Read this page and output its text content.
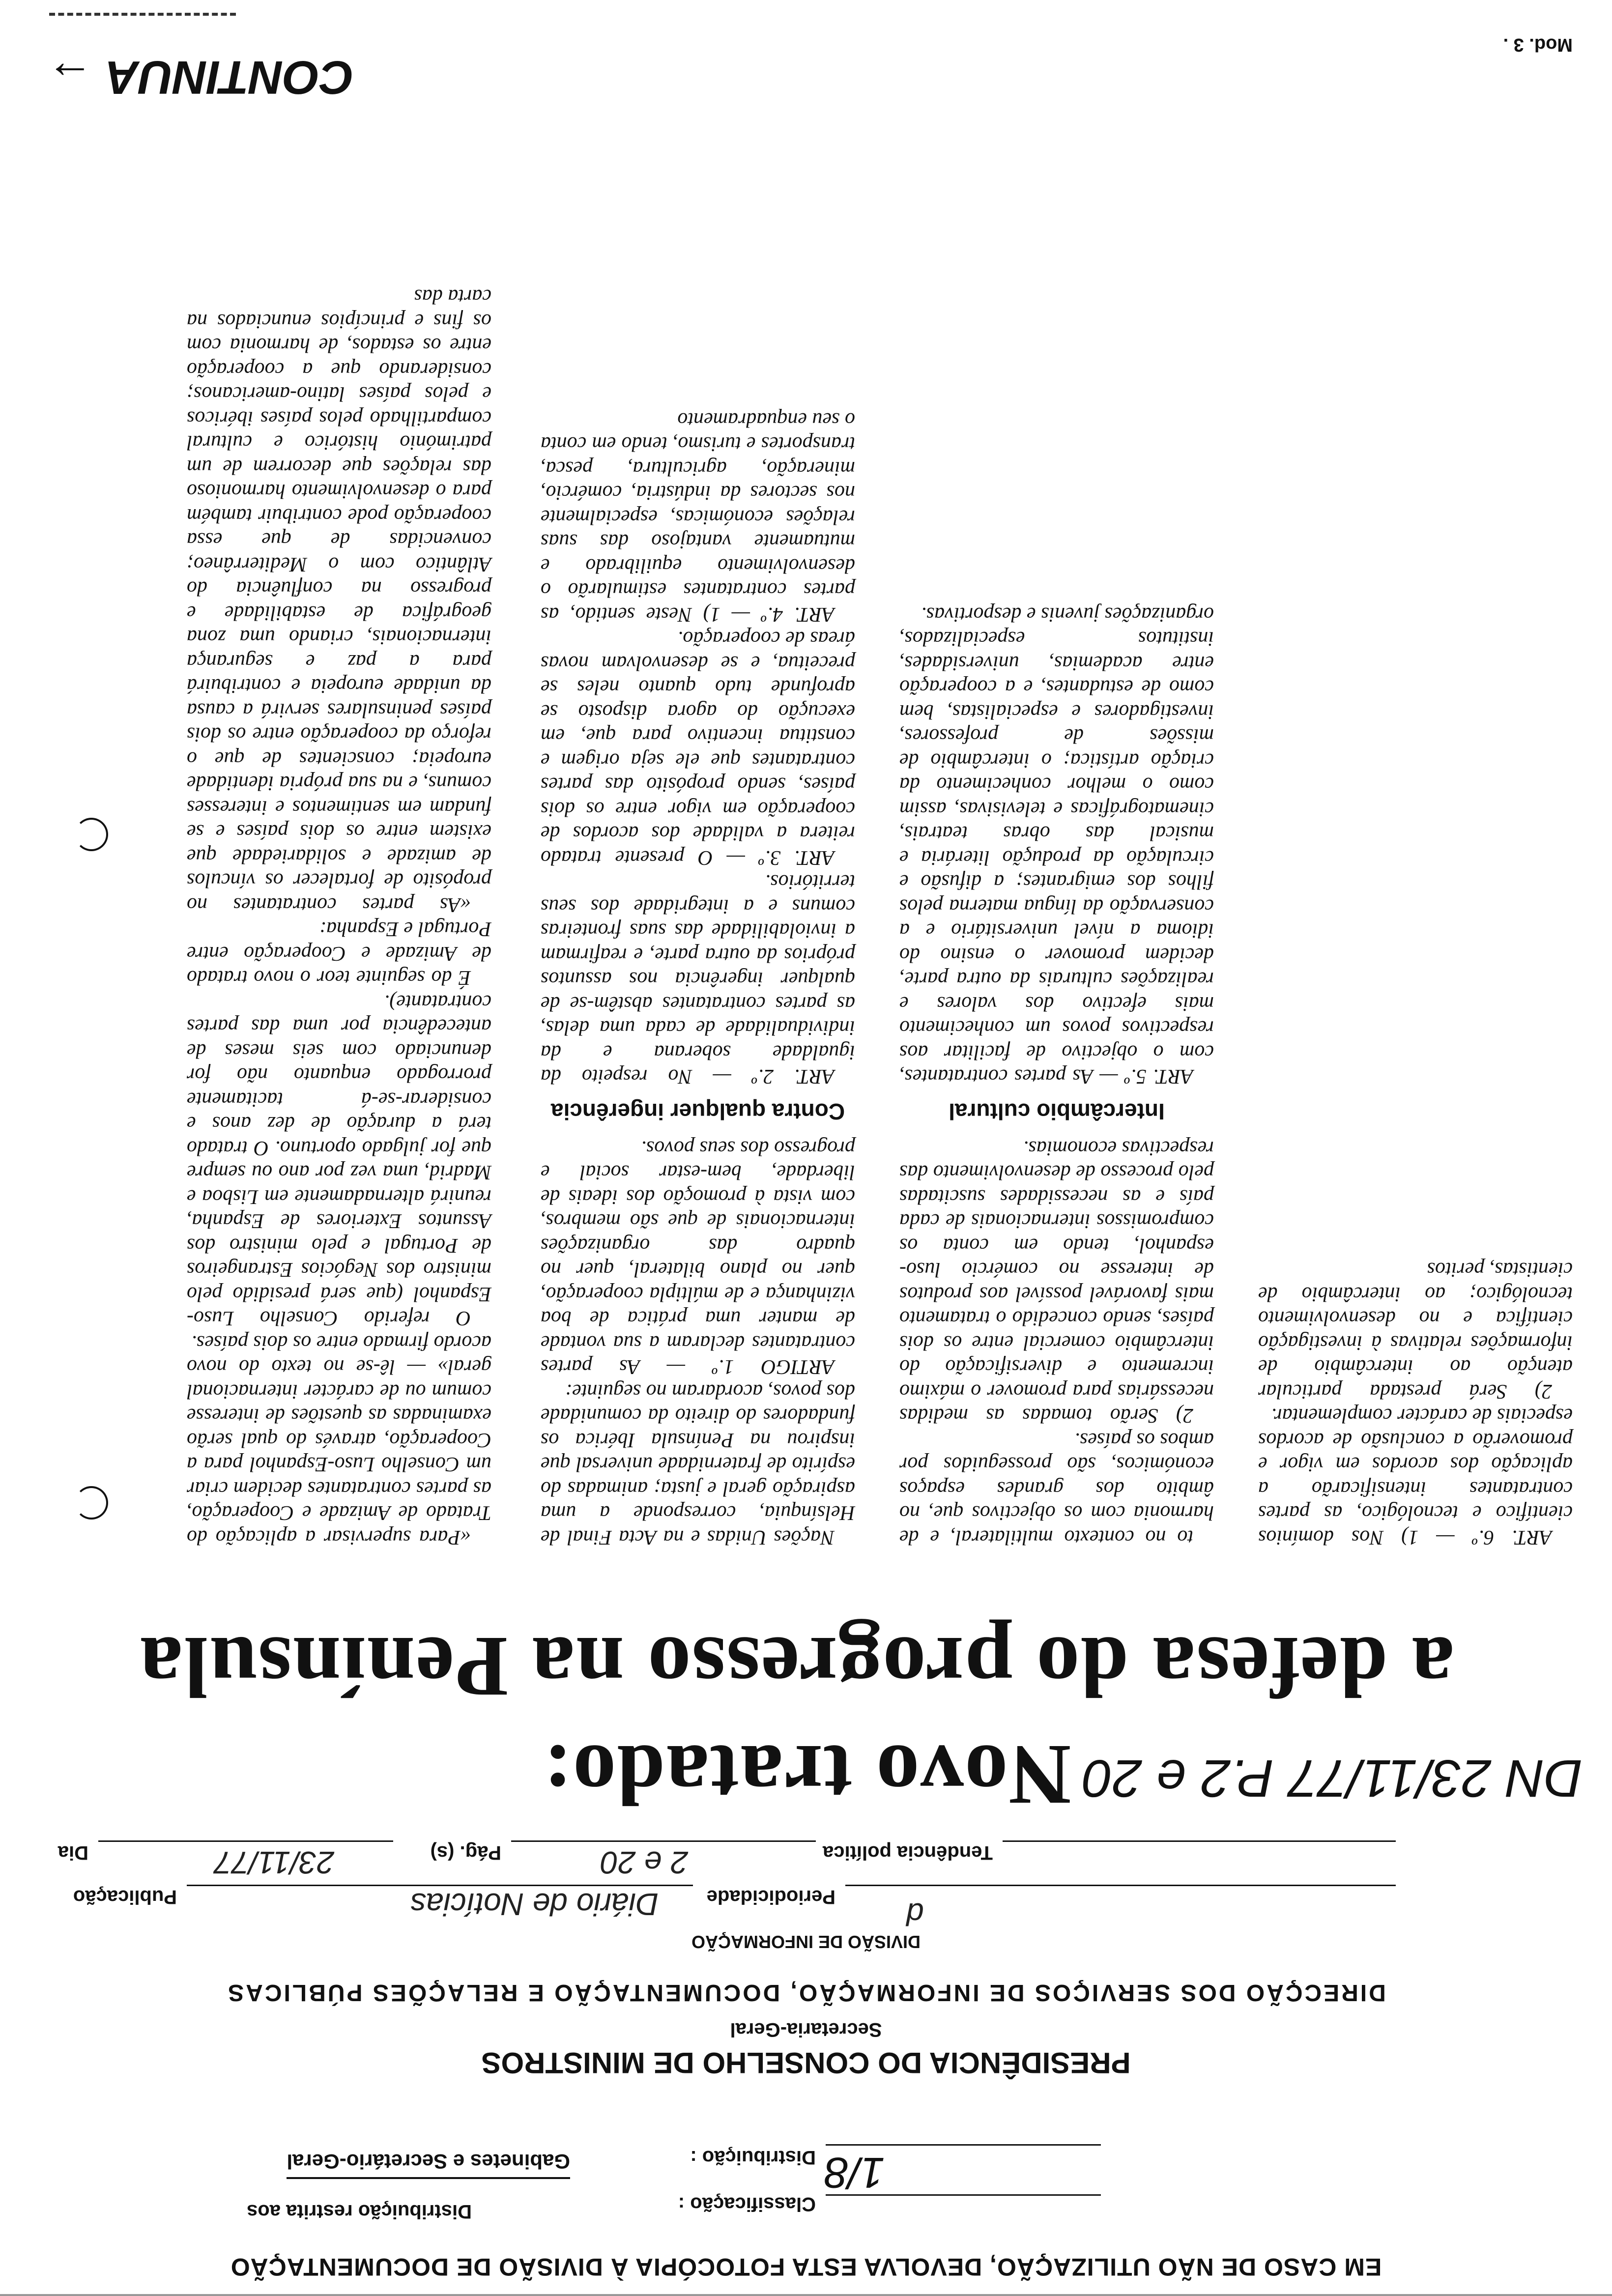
Mod. 3 .
EM CASO DE NÃO UTILIZAÇÃO, DEVOLVA ESTA FOTOCÓPIA À DIVISÃO DE DOCUMENTAÇÃO
Distribuição restrita aos
Gabinetes e Secretário-Geral
Classificação :
Distribuição : 1/8
PRESIDÊNCIA DO CONSELHO DE MINISTROS
Secretaria-Geral
DIRECÇÃO DOS SERVIÇOS DE INFORMAÇÃO, DOCUMENTAÇÃO E RELAÇÕES PÚBLICAS
DIVISÃO DE INFORMAÇÃO
Publicação	Diário de Notícias Periodicidade d
Dia	23/11/77	Pág. (s)	2 e 20	Tendência política
Novo tratado: DN 23/11/77 P.2 e 20
a defesa do progresso na Península

«Para supervisar a aplicação do Tratado de Amizade e Cooperação, as partes contratantes decidem criar um Conselho Luso-Espanhol para a Cooperação, através do qual serão examinadas as questões de interesse comum ou de carácter internacional geral» — lê-se no texto do novo acordo firmado entre os dois países.

O referido Conselho Luso-Espanhol (que será presidido pelo ministro dos Negócios Estrangeiros de Portugal e pelo ministro dos Assuntos Exteriores de Espanha, reunirá alternadamente em Lisboa e Madrid, uma vez por ano ou sempre que for julgado oportuno. O tratado terá a duração de dez anos e considerar-se-á tacitamente prorrogado enquanto não for denunciado com seis meses de antecedência por uma das partes contratante).

É do seguinte teor o novo tratado de Amizade e Cooperação entre Portugal e Espanha:

«As partes contratantes no propósito de fortalecer os vínculos de amizade e solidariedade que existem entre os dois países e se fundam em sentimentos e interesses comuns, e na sua própria identidade europeia; conscientes de que o reforço da cooperação entre os dois países peninsulares servirá a causa da unidade europeia e contribuirá para a paz e segurança internacionais, criando uma zona geográfica de estabilidade e progresso na confluência do Atlântico com o Mediterrâneo; convencidas de que essa cooperação pode contribuir também para o desenvolvimento harmonioso das relações que decorrem de um património histórico e cultural compartilhado pelos países ibéricos e pelos países latino-americanos; considerando que a cooperação entre os estados, de harmonia com os fins e princípios enunciados na carta das

Nações Unidas e na Acta Final de Helsínquia, corresponde a uma aspiração geral e justa; animadas do espírito de fraternidade universal que inspirou na Península Ibérica os fundadores do direito da comunidade dos povos, acordaram no seguinte:

ARTIGO 1.º — As partes contratantes declaram a sua vontade de manter uma prática de boa vizinhança e de múltipla cooperação, quer no plano bilateral, quer no quadro das organizações internacionais de que são membros, com vista à promoção dos ideais de liberdade, bem-estar social e progresso dos seus povos.

Contra qualquer ingerência

ART. 2.º — No respeito da igualdade soberana e da individualidade de cada uma delas, as partes contratantes abstêm-se de qualquer ingerência nos assuntos próprios da outra parte, e reafirmam a inviolabilidade das suas fronteiras comuns e a integridade dos seus territórios.

ART. 3.º — O presente tratado reitera a validade dos acordos de cooperação em vigor entre os dois países, sendo propósito das partes contratantes que ele seja origem e constitua incentivo para que, em execução do agora disposto se aprofunde tudo quanto neles se preceitua, e se desenvolvam novas áreas de cooperação.

ART. 4.º — 1) Neste sentido, as partes contratantes estimularão o desenvolvimento equilibrado e mutuamente vantajoso das suas relações económicas, especialmente nos sectores da indústria, comércio, mineração, agricultura, pesca, transportes e turismo, tendo em conta o seu enquadramento

to no contexto multilateral, e de harmonia com os objectivos que, no âmbito dos grandes espaços económicos, são prosseguidos por ambos os países.

2) Serão tomadas as medidas necessárias para promover o máximo incremento e diversificação do intercâmbio comercial entre os dois países, sendo concedido o tratamento mais favorável possível aos produtos de interesse no comércio luso-espanhol, tendo em conta os compromissos internacionais de cada país e as necessidades suscitadas pelo processo de desenvolvimento das respectivas economias.

Intercâmbio cultural

ART. 5.º — As partes contratantes, com o objectivo de facilitar aos respectivos povos um conhecimento mais efectivo dos valores e realizações culturais da outra parte, decidem promover o ensino do idioma a nível universitário e a conservação da língua materna pelos filhos dos emigrantes; a difusão e circulação da produção literária e musical das obras teatrais, cinematográficas e televisivas, assim como o melhor conhecimento da criação artística; o intercâmbio de missões de professores, investigadores e especialistas, bem como de estudantes, e a cooperação entre academias, universidades, institutos especializados, organizações juvenis e desportivas.

ART. 6.º — 1) Nos domínios científico e tecnológico, as partes contratantes intensificarão a aplicação dos acordos em vigor e promoverão a conclusão de acordos especiais de carácter complementar.

2) Será prestada particular atenção ao intercâmbio de informações relativas à investigação científica e no desenvolvimento tecnológico; ao intercâmbio de cientistas, peritos

CONTINUA →
